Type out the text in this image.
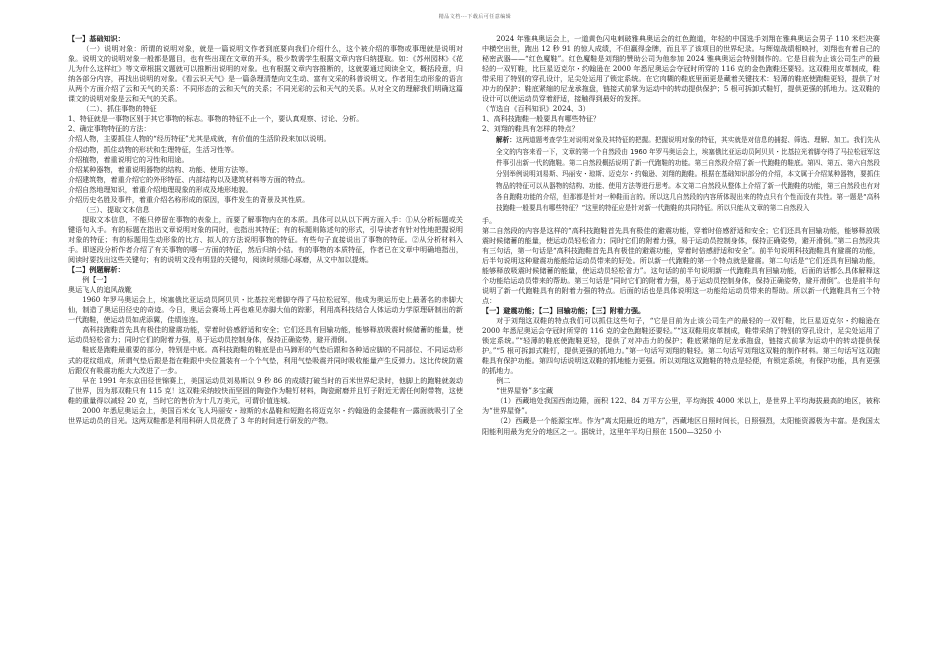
精品文档---下载后可任意编辑

【一】基础知识：

（一）说明对象：所谓的说明对象，就是一篇说明文作者到底要向我们介绍什么，这个被介绍的事物或事理就是说明对象。说明文的说明对象一般都是题目，也有些出现在文章的开头，极少数需学生根据文章内容归纳提取。如：《苏州园林》《花儿为什么这样红》等文章根据文题就可以推断出说明的对象。也有根据文章内容推断的，这就要通过阅读全文，概括段意，归纳各部分内容，再找出说明的对象。《看云识天气》是一篇条理清楚向文生动、富有文采的科普说明文。作者用生动形象的语言从两个方面介绍了云和天气的关系：不同形态的云和天气的关系；不同光彩的云和天气的关系。从对全文的理解我们明确这篇课文的说明对象是云和天气的关系。

（二）、抓住事物的特征

1、特征就是一事物区别于其它事物的标志。事物的特征不止一个，要认真观察、讨论、分析。

2、确定事物特征的方法：

介绍人物，主要抓住人物的“经历特征”尤其是成就，有价值的生活阶段来加以说明。

介绍动物，抓住动物的形状和生理特征，生活习性等。

介绍植物，着重说明它的习性和用途。

介绍某种器物，着重说明器物的结构、功能、使用方法等。

介绍建筑物，着重介绍它的外形特征、内部结构以及建筑材料等方面的特点。

介绍自然地理知识，着重介绍地理现象的形成及地形地貌。

介绍历史名胜及事件，着重介绍名称形成的原因，事件发生的背景及其性质。

（三）、提取文本信息

提取文本信息，不能只停留在事物的表象上，而要了解事物内在的本质。具体可以从以下两方面入手：①从分析标题或关键语句入手。有的标题在指出文章说明对象的同时，也指出其特征；有的标题则陈述句的形式，引导读者有针对性地把握说明对象的特征；有的标题用生动形象的比方、拟人的方法说明事物的特征。有些句子直接说出了事物的特征。②从分析材料入手。即逐段分析作者介绍了有关事物的哪一方面的特征，然后归纳小结。有的事物的本质特征，作者已在文章中明确地指出，阅读时要找出这些关键句；有的说明文没有明显的关键句，阅读时须细心琢磨，从文中加以提炼。

【二】例题解析：

例【一】

奥运飞人的追风战靴

1960 年罗马奥运会上，埃塞俄比亚运动员阿贝贝・比基拉光着脚夺得了马拉松冠军，他成为奥运历史上最著名的赤脚大仙，制造了奥运田径史的奇迹。今日，奥运会赛场上再也难见赤脚大仙的踪影，利用高科技结合人体运动力学原理研制出的新一代跑鞋，使运动员如虎添翼，佳绩连连。

高科技跑鞋首先具有极佳的避震功能，穿着时倍感舒适和安全；它们还具有回输功能，能够释放吸震时候储蓄的能量，使运动员轻松省力；同时它们的附着力强，易于运动员控制身体，保持正确姿势，避开滑倒。

鞋底是跑鞋最重要的部分，特别是中底。高科技跑鞋的鞋底是由马蹄形的气垫后跟和各种适应脚的不同部位、不同运动形式的花纹组成，所谓气垫后跟是指在鞋跟中央位置装有一个个气垫，利用气垫吸震并同时吸收能量产生反弹力。这比传统防震后跟仅有吸震功能大大改进了一步。

早在 1991 年东京田径世锦赛上，美国运动员刘易斯以 9 秒 86 的成绩打破当时的百米世界纪录时，他脚上的跑鞋就轰动了世界，因为那双鞋只有 115 克！这双鞋采纳较快而坚固的陶瓷作为鞋钉材料，陶瓷耐磨并且钉子附近无需任何附带物，这使鞋的重量得以减轻 20 克，当时它的售价为十几万美元，可谓价值连城。

2000 年悉尼奥运会上，美国百米女飞人玛丽安・琼斯的水晶鞋和短跑名将迈克尔・约翰逊的金搂鞋有一露面就吸引了全世界运动员的目光。这两双鞋都是利用科研人员花费了 3 年的时间进行研发的产物。

2024 年雅典奥运会上，一道黄色闪电刺破雅典奥运会的红色跑道，年轻的中国选手刘翔在雅典奥运会男子 110 米栏决赛中横空出世，跑出 12 秒 91 的惊人成绩，不但赢得金牌，而且平了该项目的世界纪录。与辉煌战绩相映衬，刘翔也有着自己的秘密武器——“红色魔鞋”。红色魔鞋是刘翔的赞助公司为他参加 2024 雅典奥运会特别制作的。它是目前为止该公司生产的最轻的一双钉鞋，比巨星迈克尔・约翰逊在 2000 年悉尼奥运会夺冠时所穿的 116 克的金色跑鞋还要轻。这双鞋用皮革制成，鞋带采用了特别的穿孔设计，足尖处运用了锁定系统。在它肉糊的鞋底里面更是藏着关键技术：轻薄的鞋底使跑鞋更轻，提供了对冲力的保护；鞋底紧缩的尼龙承拖盘，链接式前掌为运动中的转动提供保护；5 根可拆卸式鞋钉，提供更强的抓地力。这双鞋的设计可以使运动员穿着舒适，接触得到最好的发挥。

（节选自《百科知识》2024、3）

1、高科技跑鞋一般要具有哪些特征？

2、刘翔的鞋具有怎样的特点？

解析：这两道题考查学生对说明对象及其特征的把握。把握说明对象的特征，其实就是对信息的捕捉、筛选、理解、加工。我们先从全文的内容来看一下，文章的第一个自然段由 1960 年罗马奥运会上，埃塞俄比亚运动员阿贝贝・比基拉光着脚夺得了马拉松冠军这件事引出新一代的跑鞋。第二自然段概括说明了新一代跑鞋的功能。第三自然段介绍了新一代跑鞋的鞋底。第四、第五、第六自然段分别举例说明刘易斯、玛丽安・琼斯、迈克尔・约翰逊、刘翔的跑鞋。根据在基础知识部分的介绍，本文属于介绍某种器物，要抓住物品的特征可以从器物的结构、功能、使用方法等进行思考。本文第二自然段从整体上介绍了新一代跑鞋的功能，第三自然段也有对各自跑鞋功能的介绍，但那都是针对一种鞋而言的。所以这几自然段的内容所体现出来的特点只有个性而没有共性。第一题是“高科技跑鞋一般要具有哪些特征？”这里的特征应是针对新一代跑鞋的共同特征。所以只能从文章的第二自然段入

手。

第二自然段的内容是这样的“高科技跑鞋首先具有极佳的避震功能，穿着时倍感舒适和安全；它们还具有回输功能，能够释放吸震时候储蓄的能量，使运动员轻松省力；同时它们的附着力强，易于运动员控制身体，保持正确姿势，避开滑倒。”第二自然段共有三句话，第一句话是“高科技跑鞋首先具有极佳的避震功能，穿着时倍感舒适和安全”。前半句说明科技跑鞋具有避震的功能，后半句说明这种避震功能能给运动员带来的好处。所以新一代跑鞋的第一个特点就是避震。第二句话是“它们还具有回输功能，能够释放吸震时候储蓄的能量，使运动员轻松省力”。这句话的前半句说明新一代跑鞋具有回输功能，后面的话都么具体解释这个功能给运动员带来的帮助。第三句话是“同时它们的附着力强，易于运动员控制身体，保持正确姿势，避开滑倒”。也是前半句说明了新一代跑鞋具有的附着力强的特点。后面的话也是具体说明这一功能给运动员带来的帮助。所以新一代跑鞋具有三个特点：

【一】避震功能；【二】回输功能；【三】附着力强。

对于刘翔这双鞋的特点我们可以抓住这些句子，“它是目前为止该公司生产的最轻的一双钉鞋，比巨星迈克尔・约翰逊在 2000 年悉尼奥运会夺冠时所穿的 116 克的金色跑鞋还要轻。”“这双鞋用皮革制成，鞋带采纳了特别的穿孔设计，足尖处运用了锁定系统。”“轻薄的鞋底使跑鞋更轻，提供了对冲击力的保护；鞋底紧缩的尼龙承拖盘，链接式前掌为运动中的转动提供保护。”“5 根可拆卸式鞋钉，提供更强的抓地力。”第一句话写刘翔的鞋轻。第二句话写刘翔这双鞋的制作材料。第三句话写这双跑鞋具有保护功能。第四句话说明这双鞋的抓地能力更强。所以刘翔这双跑鞋的特点是轻便，有锁定系统，有保护功能，具有更强的抓地力。

例二

“世界屋脊”多宝藏

（1）西藏地处我国西南边陲，面积 122、84 万平方公里，平均海拔 4000 米以上，是世界上平均海拔最高的地区，被称为“世界屋脊”。

（2）西藏是一个能源宝库。作为“离太阳最近的地方”，西藏地区日照时间长，日照强烈，太阳能资源极为丰富。是我国太阳能利用最为充分的地区之一。据统计，这里年平均日照在 1500—3250 小
